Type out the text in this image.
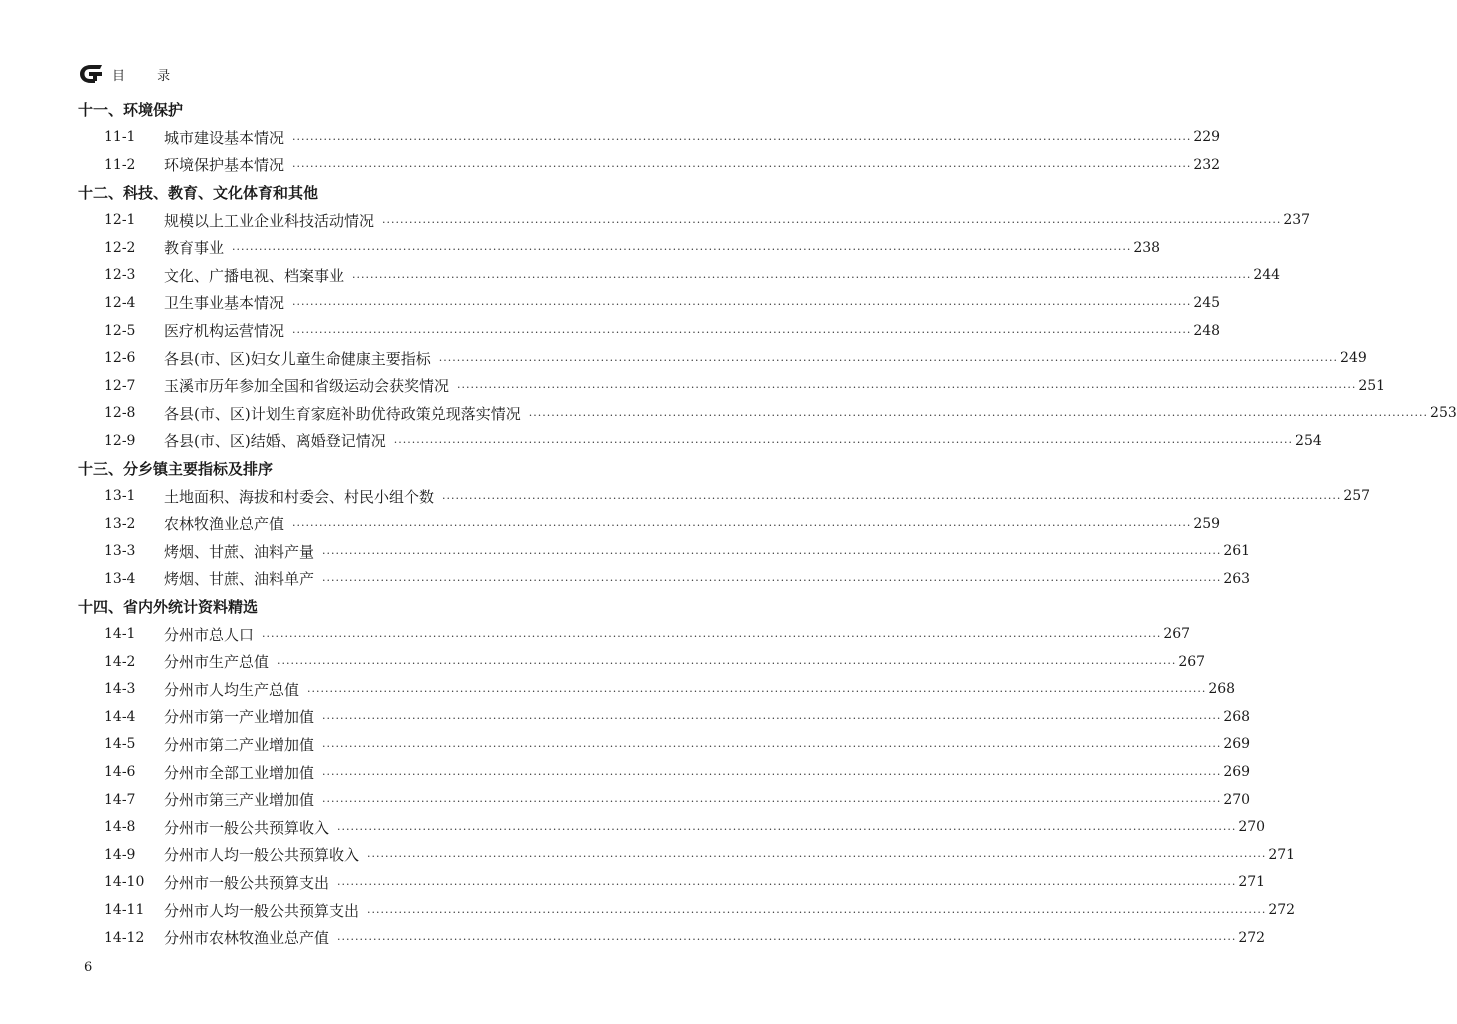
目 录
十一、环境保护
11-1	城市建设基本情况 ········································································································································································································ 229
11-2	环境保护基本情况 ········································································································································································································ 232
十二、科技、教育、文化体育和其他
12-1	规模以上工业企业科技活动情况 ········································································································································································································ 237
12-2	教育事业 ········································································································································································································ 238
12-3	文化、广播电视、档案事业 ········································································································································································································ 244
12-4	卫生事业基本情况 ········································································································································································································ 245
12-5	医疗机构运营情况 ········································································································································································································ 248
12-6	各县(市、区)妇女儿童生命健康主要指标 ········································································································································································································ 249
12-7	玉溪市历年参加全国和省级运动会获奖情况 ········································································································································································································ 251
12-8	各县(市、区)计划生育家庭补助优待政策兑现落实情况 ········································································································································································································ 253
12-9	各县(市、区)结婚、离婚登记情况 ········································································································································································································ 254
十三、分乡镇主要指标及排序
13-1	土地面积、海拔和村委会、村民小组个数 ········································································································································································································ 257
13-2	农林牧渔业总产值 ········································································································································································································ 259
13-3	烤烟、甘蔗、油料产量 ········································································································································································································ 261
13-4	烤烟、甘蔗、油料单产 ········································································································································································································ 263
十四、省内外统计资料精选
14-1	分州市总人口 ········································································································································································································ 267
14-2	分州市生产总值 ········································································································································································································ 267
14-3	分州市人均生产总值 ········································································································································································································ 268
14-4	分州市第一产业增加值 ········································································································································································································ 268
14-5	分州市第二产业增加值 ········································································································································································································ 269
14-6	分州市全部工业增加值 ········································································································································································································ 269
14-7	分州市第三产业增加值 ········································································································································································································ 270
14-8	分州市一般公共预算收入 ········································································································································································································ 270
14-9	分州市人均一般公共预算收入 ········································································································································································································ 271
14-10	分州市一般公共预算支出 ········································································································································································································ 271
14-11	分州市人均一般公共预算支出 ········································································································································································································ 272
14-12	分州市农林牧渔业总产值 ········································································································································································································ 272
6
